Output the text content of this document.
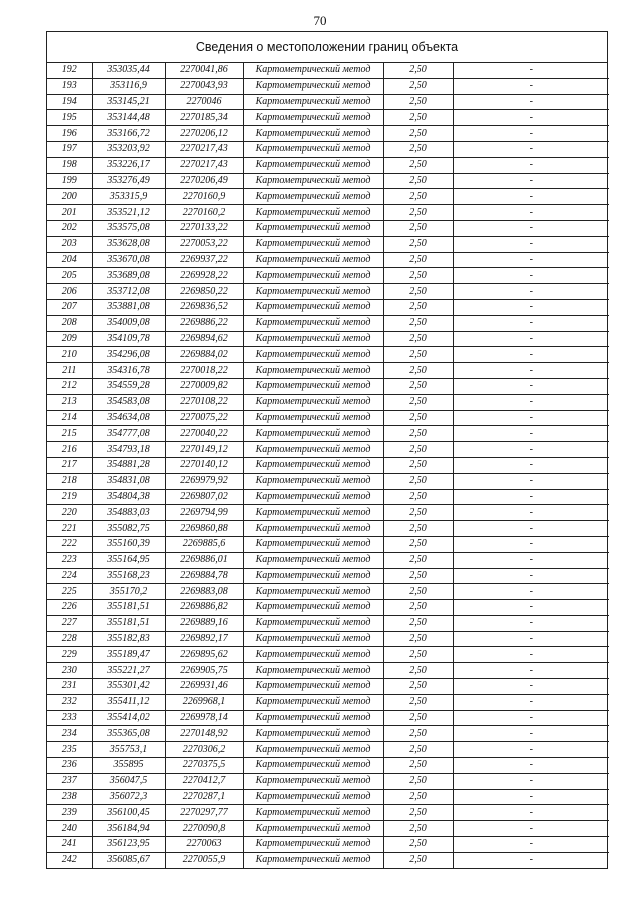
70
Сведения о местоположении границ объекта
192	353035,44	2270041,86	Картометрический метод	2,50	-
193	353116,9	2270043,93	Картометрический метод	2,50	-
194	353145,21	2270046	Картометрический метод	2,50	-
195	353144,48	2270185,34	Картометрический метод	2,50	-
196	353166,72	2270206,12	Картометрический метод	2,50	-
197	353203,92	2270217,43	Картометрический метод	2,50	-
198	353226,17	2270217,43	Картометрический метод	2,50	-
199	353276,49	2270206,49	Картометрический метод	2,50	-
200	353315,9	2270160,9	Картометрический метод	2,50	-
201	353521,12	2270160,2	Картометрический метод	2,50	-
202	353575,08	2270133,22	Картометрический метод	2,50	-
203	353628,08	2270053,22	Картометрический метод	2,50	-
204	353670,08	2269937,22	Картометрический метод	2,50	-
205	353689,08	2269928,22	Картометрический метод	2,50	-
206	353712,08	2269850,22	Картометрический метод	2,50	-
207	353881,08	2269836,52	Картометрический метод	2,50	-
208	354009,08	2269886,22	Картометрический метод	2,50	-
209	354109,78	2269894,62	Картометрический метод	2,50	-
210	354296,08	2269884,02	Картометрический метод	2,50	-
211	354316,78	2270018,22	Картометрический метод	2,50	-
212	354559,28	2270009,82	Картометрический метод	2,50	-
213	354583,08	2270108,22	Картометрический метод	2,50	-
214	354634,08	2270075,22	Картометрический метод	2,50	-
215	354777,08	2270040,22	Картометрический метод	2,50	-
216	354793,18	2270149,12	Картометрический метод	2,50	-
217	354881,28	2270140,12	Картометрический метод	2,50	-
218	354831,08	2269979,92	Картометрический метод	2,50	-
219	354804,38	2269807,02	Картометрический метод	2,50	-
220	354883,03	2269794,99	Картометрический метод	2,50	-
221	355082,75	2269860,88	Картометрический метод	2,50	-
222	355160,39	2269885,6	Картометрический метод	2,50	-
223	355164,95	2269886,01	Картометрический метод	2,50	-
224	355168,23	2269884,78	Картометрический метод	2,50	-
225	355170,2	2269883,08	Картометрический метод	2,50	-
226	355181,51	2269886,82	Картометрический метод	2,50	-
227	355181,51	2269889,16	Картометрический метод	2,50	-
228	355182,83	2269892,17	Картометрический метод	2,50	-
229	355189,47	2269895,62	Картометрический метод	2,50	-
230	355221,27	2269905,75	Картометрический метод	2,50	-
231	355301,42	2269931,46	Картометрический метод	2,50	-
232	355411,12	2269968,1	Картометрический метод	2,50	-
233	355414,02	2269978,14	Картометрический метод	2,50	-
234	355365,08	2270148,92	Картометрический метод	2,50	-
235	355753,1	2270306,2	Картометрический метод	2,50	-
236	355895	2270375,5	Картометрический метод	2,50	-
237	356047,5	2270412,7	Картометрический метод	2,50	-
238	356072,3	2270287,1	Картометрический метод	2,50	-
239	356100,45	2270297,77	Картометрический метод	2,50	-
240	356184,94	2270090,8	Картометрический метод	2,50	-
241	356123,95	2270063	Картометрический метод	2,50	-
242	356085,67	2270055,9	Картометрический метод	2,50	-
